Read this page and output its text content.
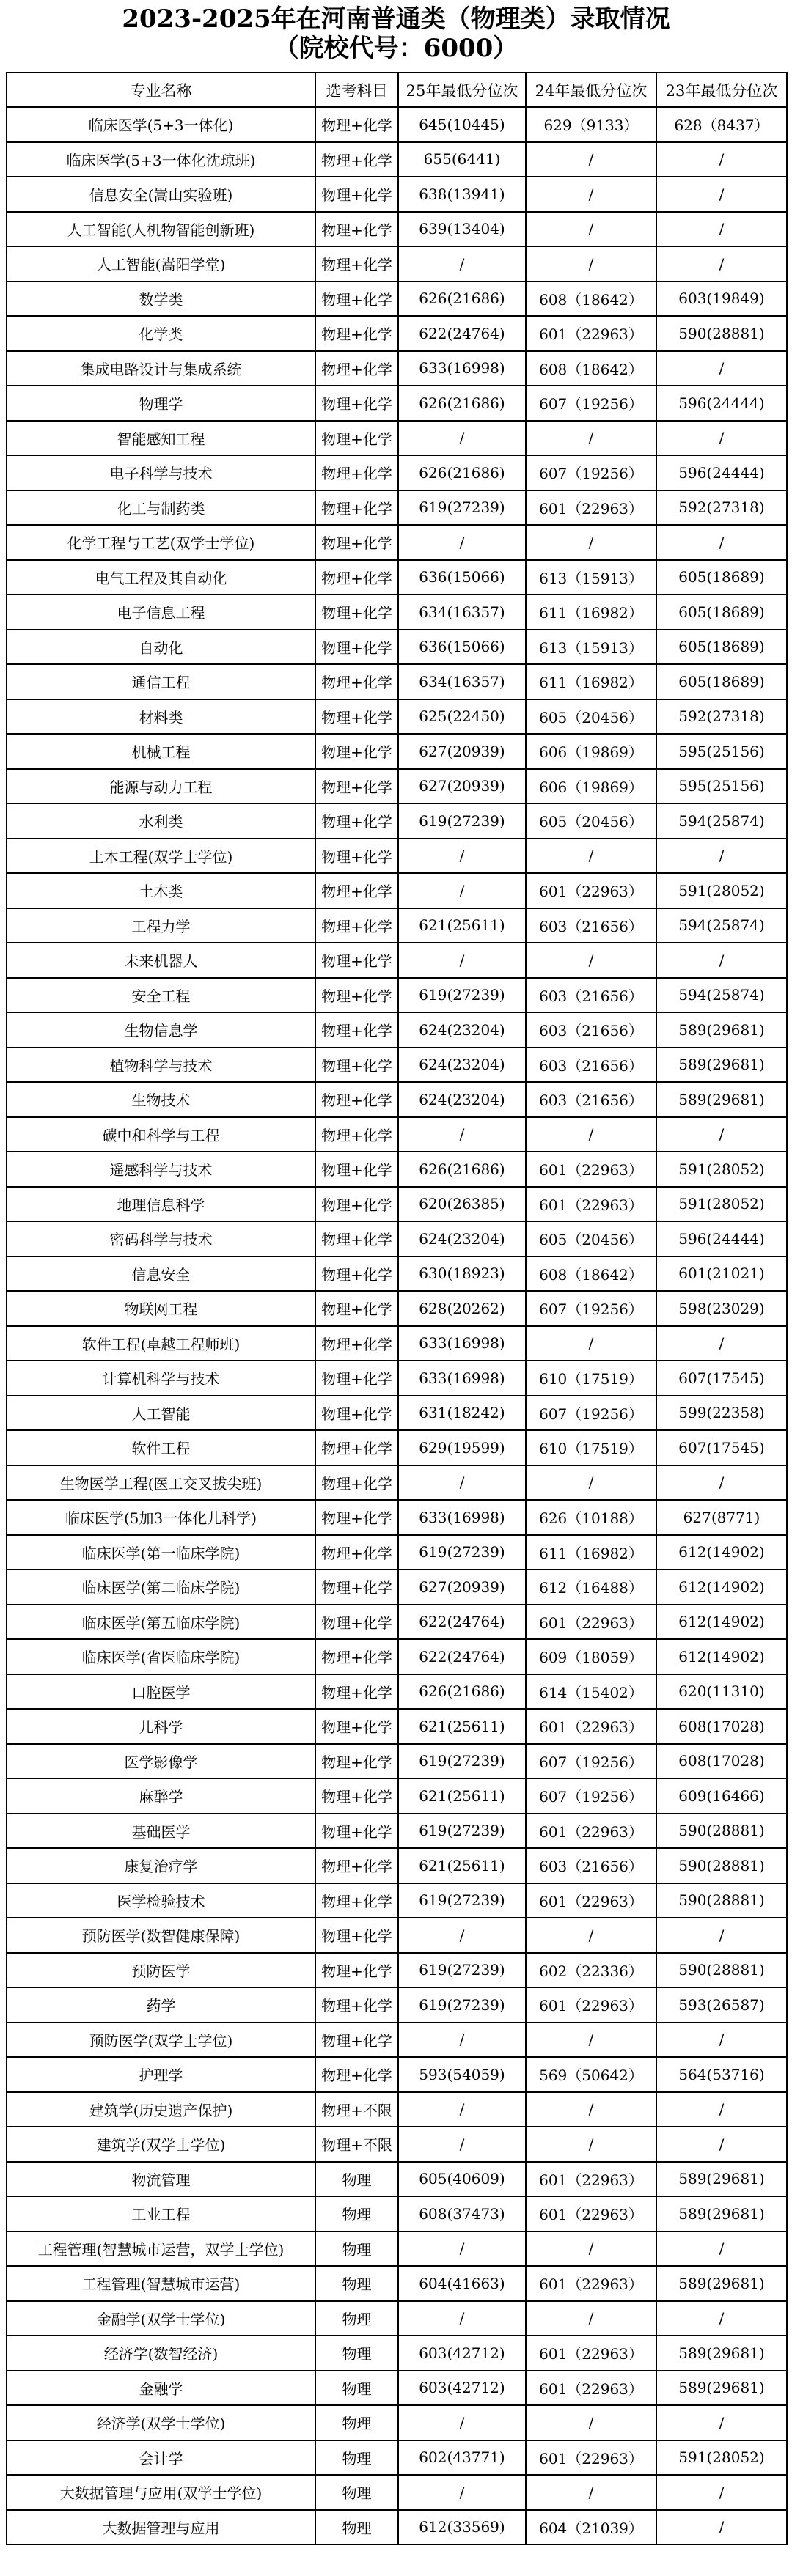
2023-2025年在河南普通类（物理类）录取情况
（院校代号：6000）
专业名称	选考科目	25年最低分位次	24年最低分位次	23年最低分位次
临床医学(5+3一体化)	物理+化学	645(10445)	629（9133）	628（8437）
临床医学(5+3一体化沈琼班)	物理+化学	655(6441)	/	/
信息安全(嵩山实验班)	物理+化学	638(13941)	/	/
人工智能(人机物智能创新班)	物理+化学	639(13404)	/	/
人工智能(嵩阳学堂)	物理+化学	/	/	/
数学类	物理+化学	626(21686)	608（18642）	603(19849)
化学类	物理+化学	622(24764)	601（22963）	590(28881)
集成电路设计与集成系统	物理+化学	633(16998)	608（18642）	/
物理学	物理+化学	626(21686)	607（19256）	596(24444)
智能感知工程	物理+化学	/	/	/
电子科学与技术	物理+化学	626(21686)	607（19256）	596(24444)
化工与制药类	物理+化学	619(27239)	601（22963）	592(27318)
化学工程与工艺(双学士学位)	物理+化学	/	/	/
电气工程及其自动化	物理+化学	636(15066)	613（15913）	605(18689)
电子信息工程	物理+化学	634(16357)	611（16982）	605(18689)
自动化	物理+化学	636(15066)	613（15913）	605(18689)
通信工程	物理+化学	634(16357)	611（16982）	605(18689)
材料类	物理+化学	625(22450)	605（20456）	592(27318)
机械工程	物理+化学	627(20939)	606（19869）	595(25156)
能源与动力工程	物理+化学	627(20939)	606（19869）	595(25156)
水利类	物理+化学	619(27239)	605（20456）	594(25874)
土木工程(双学士学位)	物理+化学	/	/	/
土木类	物理+化学	/	601（22963）	591(28052)
工程力学	物理+化学	621(25611)	603（21656）	594(25874)
未来机器人	物理+化学	/	/	/
安全工程	物理+化学	619(27239)	603（21656）	594(25874)
生物信息学	物理+化学	624(23204)	603（21656）	589(29681)
植物科学与技术	物理+化学	624(23204)	603（21656）	589(29681)
生物技术	物理+化学	624(23204)	603（21656）	589(29681)
碳中和科学与工程	物理+化学	/	/	/
遥感科学与技术	物理+化学	626(21686)	601（22963）	591(28052)
地理信息科学	物理+化学	620(26385)	601（22963）	591(28052)
密码科学与技术	物理+化学	624(23204)	605（20456）	596(24444)
信息安全	物理+化学	630(18923)	608（18642）	601(21021)
物联网工程	物理+化学	628(20262)	607（19256）	598(23029)
软件工程(卓越工程师班)	物理+化学	633(16998)	/	/
计算机科学与技术	物理+化学	633(16998)	610（17519）	607(17545)
人工智能	物理+化学	631(18242)	607（19256）	599(22358)
软件工程	物理+化学	629(19599)	610（17519）	607(17545)
生物医学工程(医工交叉拔尖班)	物理+化学	/	/	/
临床医学(5加3一体化儿科学)	物理+化学	633(16998)	626（10188）	627(8771)
临床医学(第一临床学院)	物理+化学	619(27239)	611（16982）	612(14902)
临床医学(第二临床学院)	物理+化学	627(20939)	612（16488）	612(14902)
临床医学(第五临床学院)	物理+化学	622(24764)	601（22963）	612(14902)
临床医学(省医临床学院)	物理+化学	622(24764)	609（18059）	612(14902)
口腔医学	物理+化学	626(21686)	614（15402）	620(11310)
儿科学	物理+化学	621(25611)	601（22963）	608(17028)
医学影像学	物理+化学	619(27239)	607（19256）	608(17028)
麻醉学	物理+化学	621(25611)	607（19256）	609(16466)
基础医学	物理+化学	619(27239)	601（22963）	590(28881)
康复治疗学	物理+化学	621(25611)	603（21656）	590(28881)
医学检验技术	物理+化学	619(27239)	601（22963）	590(28881)
预防医学(数智健康保障)	物理+化学	/	/	/
预防医学	物理+化学	619(27239)	602（22336）	590(28881)
药学	物理+化学	619(27239)	601（22963）	593(26587)
预防医学(双学士学位)	物理+化学	/	/	/
护理学	物理+化学	593(54059)	569（50642）	564(53716)
建筑学(历史遗产保护)	物理+不限	/	/	/
建筑学(双学士学位)	物理+不限	/	/	/
物流管理	物理	605(40609)	601（22963）	589(29681)
工业工程	物理	608(37473)	601（22963）	589(29681)
工程管理(智慧城市运营，双学士学位)	物理	/	/	/
工程管理(智慧城市运营)	物理	604(41663)	601（22963）	589(29681)
金融学(双学士学位)	物理	/	/	/
经济学(数智经济)	物理	603(42712)	601（22963）	589(29681)
金融学	物理	603(42712)	601（22963）	589(29681)
经济学(双学士学位)	物理	/	/	/
会计学	物理	602(43771)	601（22963）	591(28052)
大数据管理与应用(双学士学位)	物理	/	/	/
大数据管理与应用	物理	612(33569)	604（21039）	/
